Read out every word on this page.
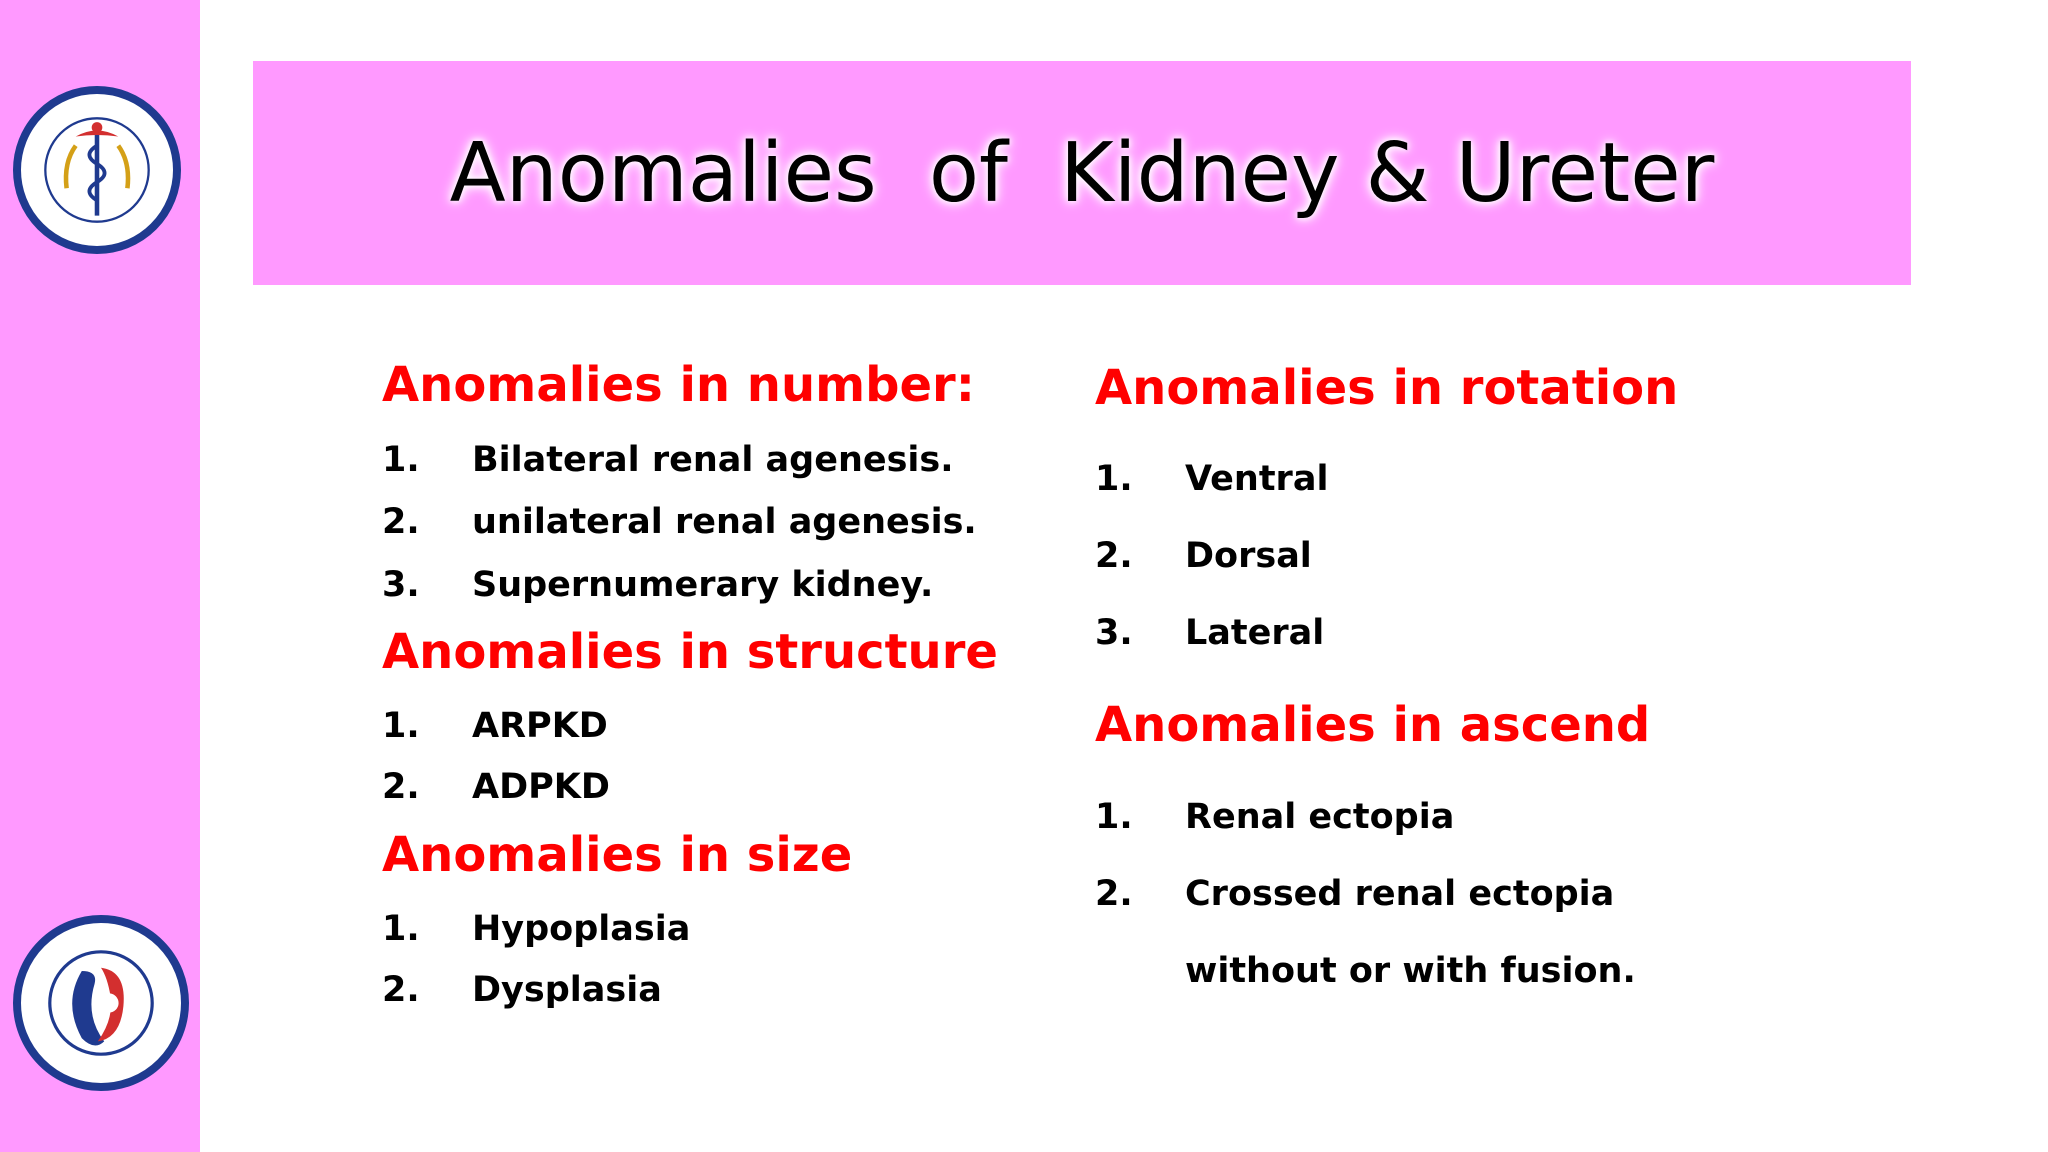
Anomalies  of  Kidney & Ureter
Anomalies in number:
1. Bilateral renal agenesis.
2. unilateral renal agenesis.
3. Supernumerary kidney.
Anomalies in structure
1. ARPKD
2. ADPKD
Anomalies in size
1. Hypoplasia
2. Dysplasia
Anomalies in rotation
1. Ventral
2. Dorsal
3. Lateral
Anomalies in ascend
1. Renal ectopia
2. Crossed renal ectopia
without or with fusion.
